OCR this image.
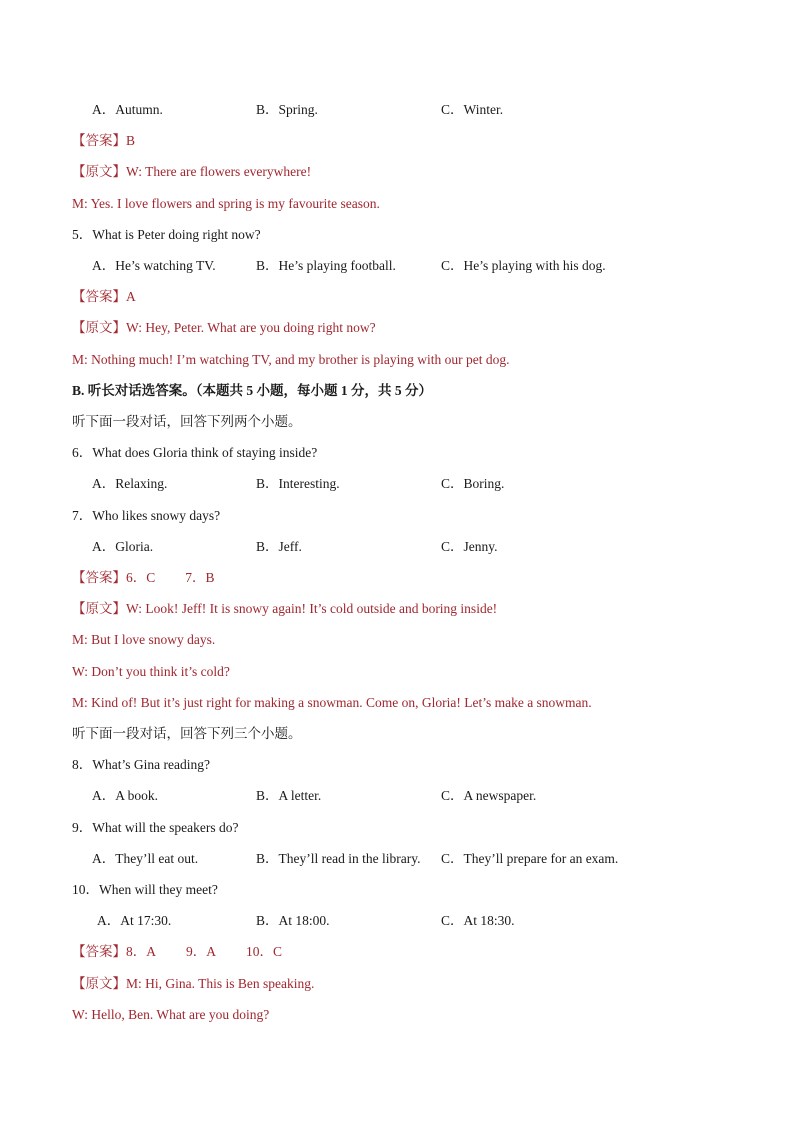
A．Autumn.	B．Spring.	C．Winter.
【答案】B
【原文】W: There are flowers everywhere!
M: Yes. I love flowers and spring is my favourite season.
5．What is Peter doing right now?
A．He’s watching TV.	B．He’s playing football.	C．He’s playing with his dog.
【答案】A
【原文】W: Hey, Peter. What are you doing right now?
M: Nothing much! I’m watching TV, and my brother is playing with our pet dog.
B. 听长对话选答案。（本题共 5 小题，每小题 1 分，共 5 分）
听下面一段对话，回答下列两个小题。
6．What does Gloria think of staying inside?
A．Relaxing.	B．Interesting.	C．Boring.
7．Who likes snowy days?
A．Gloria.	B．Jeff.	C．Jenny.
【答案】6．C 7．B
【原文】W: Look! Jeff! It is snowy again! It’s cold outside and boring inside!
M: But I love snowy days.
W: Don’t you think it’s cold?
M: Kind of! But it’s just right for making a snowman. Come on, Gloria! Let’s make a snowman.
听下面一段对话，回答下列三个小题。
8．What’s Gina reading?
A．A book.	B．A letter.	C．A newspaper.
9．What will the speakers do?
A．They’ll eat out.	B．They’ll read in the library. C．They’ll prepare for an exam.
10．When will they meet?
A．At 17:30.	B．At 18:00.	C．At 18:30.
【答案】8．A 9．A 10．C
【原文】M: Hi, Gina. This is Ben speaking.
W: Hello, Ben. What are you doing?
